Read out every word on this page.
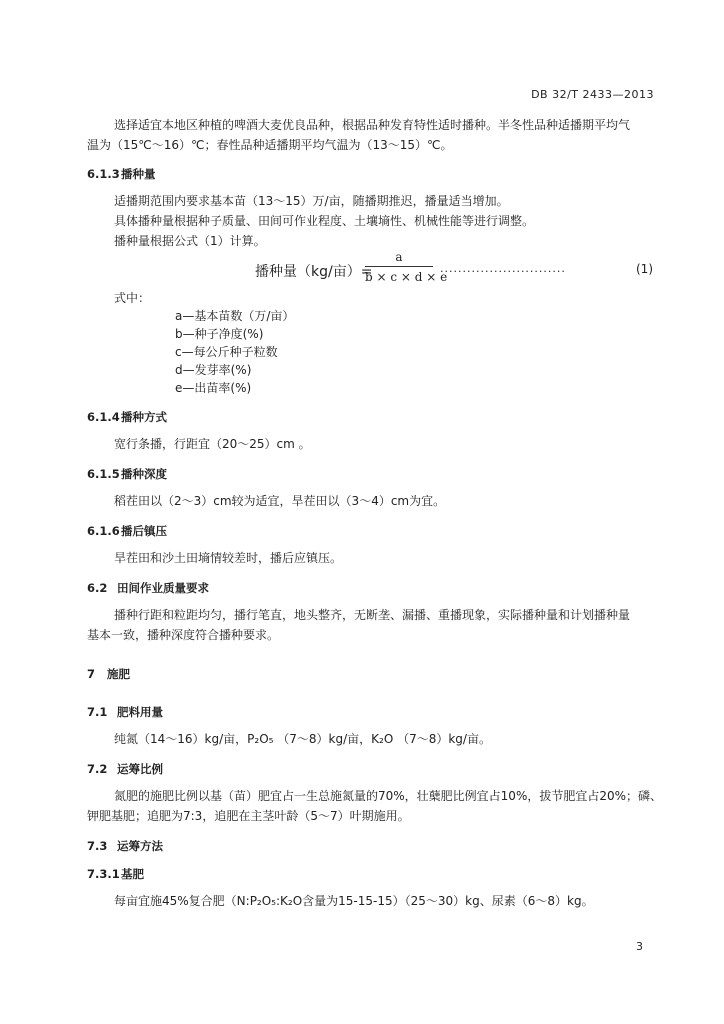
DB 32/T 2433—2013
选择适宜本地区种植的啤酒大麦优良品种，根据品种发育特性适时播种。半冬性品种适播期平均气
温为（15℃～16）℃；春性品种适播期平均气温为（13～15）℃。
6.1.3播种量
适播期范围内要求基本苗（13～15）万/亩，随播期推迟，播量适当增加。
具体播种量根据种子质量、田间可作业程度、土壤墒性、机械性能等进行调整。
播种量根据公式（1）计算。
播种量（kg/亩）=
a
b × c × d × e
............................	(1)
式中：
a—基本苗数（万/亩）
b—种子净度(%)
c—每公斤种子粒数
d—发芽率(%)
e—出苗率(%)
6.1.4播种方式
宽行条播，行距宜（20～25）cm 。
6.1.5播种深度
稻茬田以（2～3）cm较为适宜，旱茬田以（3～4）cm为宜。
6.1.6播后镇压
旱茬田和沙土田墒情较差时，播后应镇压。
6.2 田间作业质量要求
播种行距和粒距均匀，播行笔直，地头整齐，无断垄、漏播、重播现象，实际播种量和计划播种量
基本一致，播种深度符合播种要求。
7 施肥
7.1 肥料用量
纯氮（14～16）kg/亩，P₂O₅ （7～8）kg/亩，K₂O （7～8）kg/亩。
7.2 运筹比例
氮肥的施肥比例以基（苗）肥宜占一生总施氮量的70%，壮蘖肥比例宜占10%，拔节肥宜占20%；磷、
钾肥基肥；追肥为7:3，追肥在主茎叶龄（5～7）叶期施用。
7.3 运筹方法
7.3.1基肥
每亩宜施45%复合肥（N:P₂O₅:K₂O含量为15-15-15）（25～30）kg、尿素（6～8）kg。
3
